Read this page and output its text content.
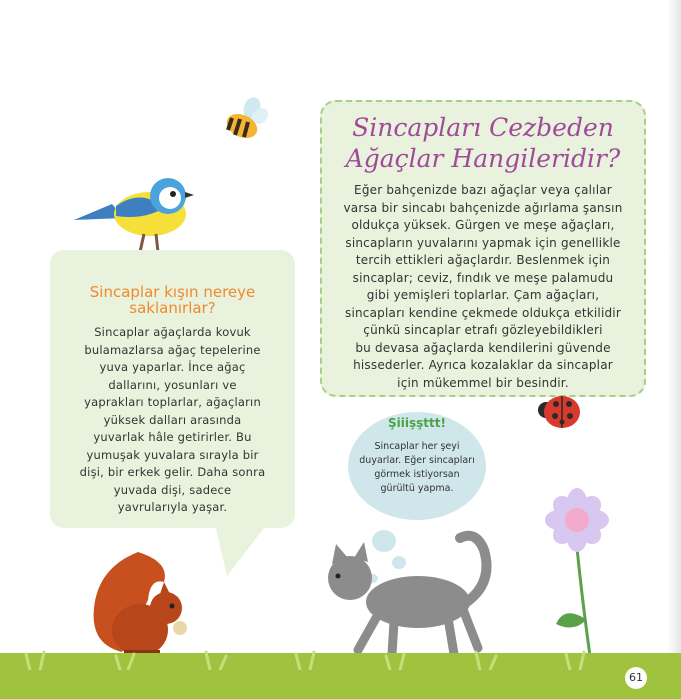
Sincapları Cezbeden
Ağaçlar Hangileridir?
Eğer bahçenizde bazı ağaçlar veya çalılar
varsa bir sincabı bahçenizde ağırlama şansın
oldukça yüksek. Gürgen ve meşe ağaçları,
sincapların yuvalarını yapmak için genellikle
tercih ettikleri ağaçlardır. Beslenmek için
sincaplar; ceviz, fındık ve meşe palamudu
gibi yemişleri toplarlar. Çam ağaçları,
sincapları kendine çekmede oldukça etkilidir
çünkü sincaplar etrafı gözleyebildikleri
bu devasa ağaçlarda kendilerini güvende
hissederler. Ayrıca kozalaklar da sincaplar
için mükemmel bir besindir.
Sincaplar kışın nereye
saklanırlar?
Sincaplar ağaçlarda kovuk
bulamazlarsa ağaç tepelerine
yuva yaparlar. İnce ağaç
dallarını, yosunları ve
yaprakları toplarlar, ağaçların
yüksek dalları arasında
yuvarlak hâle getirirler. Bu
yumuşak yuvalara sırayla bir
dişi, bir erkek gelir. Daha sonra
yuvada dişi, sadece
yavrularıyla yaşar.
Şiiişşttt!
Sincaplar her şeyi
duyarlar. Eğer sincapları
görmek istiyorsan
gürültü yapma.
61
